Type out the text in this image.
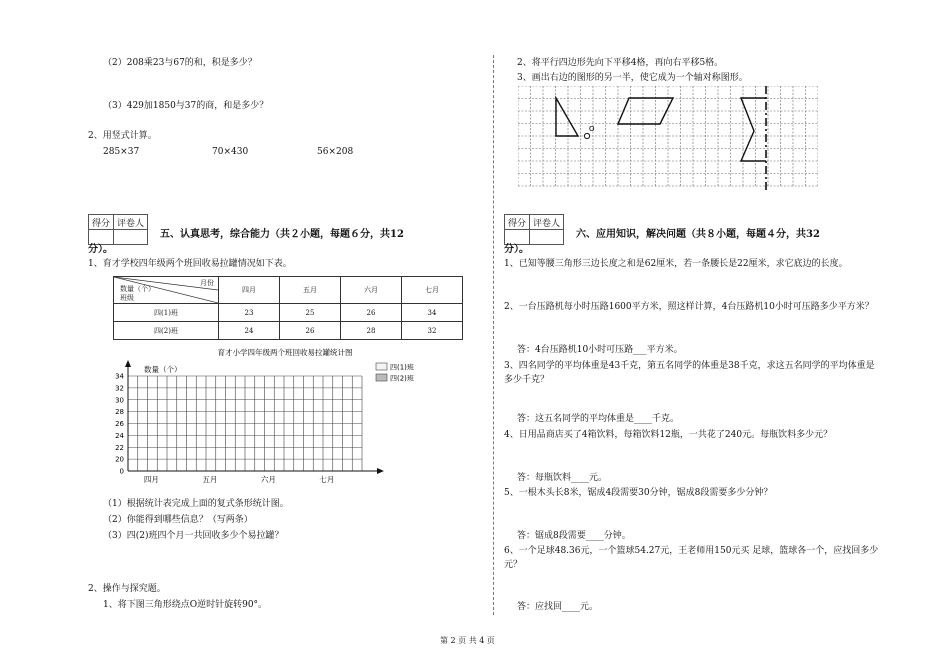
（2）208乘23与67的和，积是多少？
（3）429加1850与37的商，和是多少？
2、用竖式计算。
285×37	70×430	56×208
得分	评卷人

五、认真思考，综合能力（共２小题，每题６分，共12
分）。
1、育才学校四年级两个班回收易拉罐情况如下表。
月份
数量（个）
班级	四月	五月	六月	七月
四(1)班	23	25	26	34
四(2)班	24	26	28	32
育才小学四年级两个班回收易拉罐统计图
数量（个）
0
20
22
24
26
28
30
32
34
四月	五月	六月	七月
四(1)班
四(2)班
（1）根据统计表完成上面的复式条形统计图。
（2）你能得到哪些信息？（写两条）
（3）四(2)班四个月一共回收多少个易拉罐？
2、操作与探究题。
1、将下图三角形绕点O逆时针旋转90°。
2、将平行四边形先向下平移4格，再向右平移5格。
3、画出右边的图形的另一半，使它成为一个轴对称图形。
O
得分	评卷人

六、应用知识，解决问题（共８小题，每题４分，共32
分）。
1、已知等腰三角形三边长度之和是62厘米，若一条腰长是22厘米，求它底边的长度。
2、一台压路机每小时压路1600平方米，照这样计算，4台压路机10小时可压路多少平方米？
答：4台压路机10小时可压路___平方米。
3、四名同学的平均体重是43千克，第五名同学的体重是38千克，求这五名同学的平均体重是
多少千克？
答：这五名同学的平均体重是____千克。
4、日用品商店买了4箱饮料，每箱饮料12瓶，一共花了240元。每瓶饮料多少元？
答：每瓶饮料____元。
5、一根木头长8米，锯成4段需要30分钟，锯成8段需要多少分钟？
答：锯成8段需要____分钟。
6、一个足球48.36元，一个篮球54.27元，王老师用150元买 足球，篮球各一个，应找回多少
元？
答：应找回____元。
第 2 页 共 4 页
